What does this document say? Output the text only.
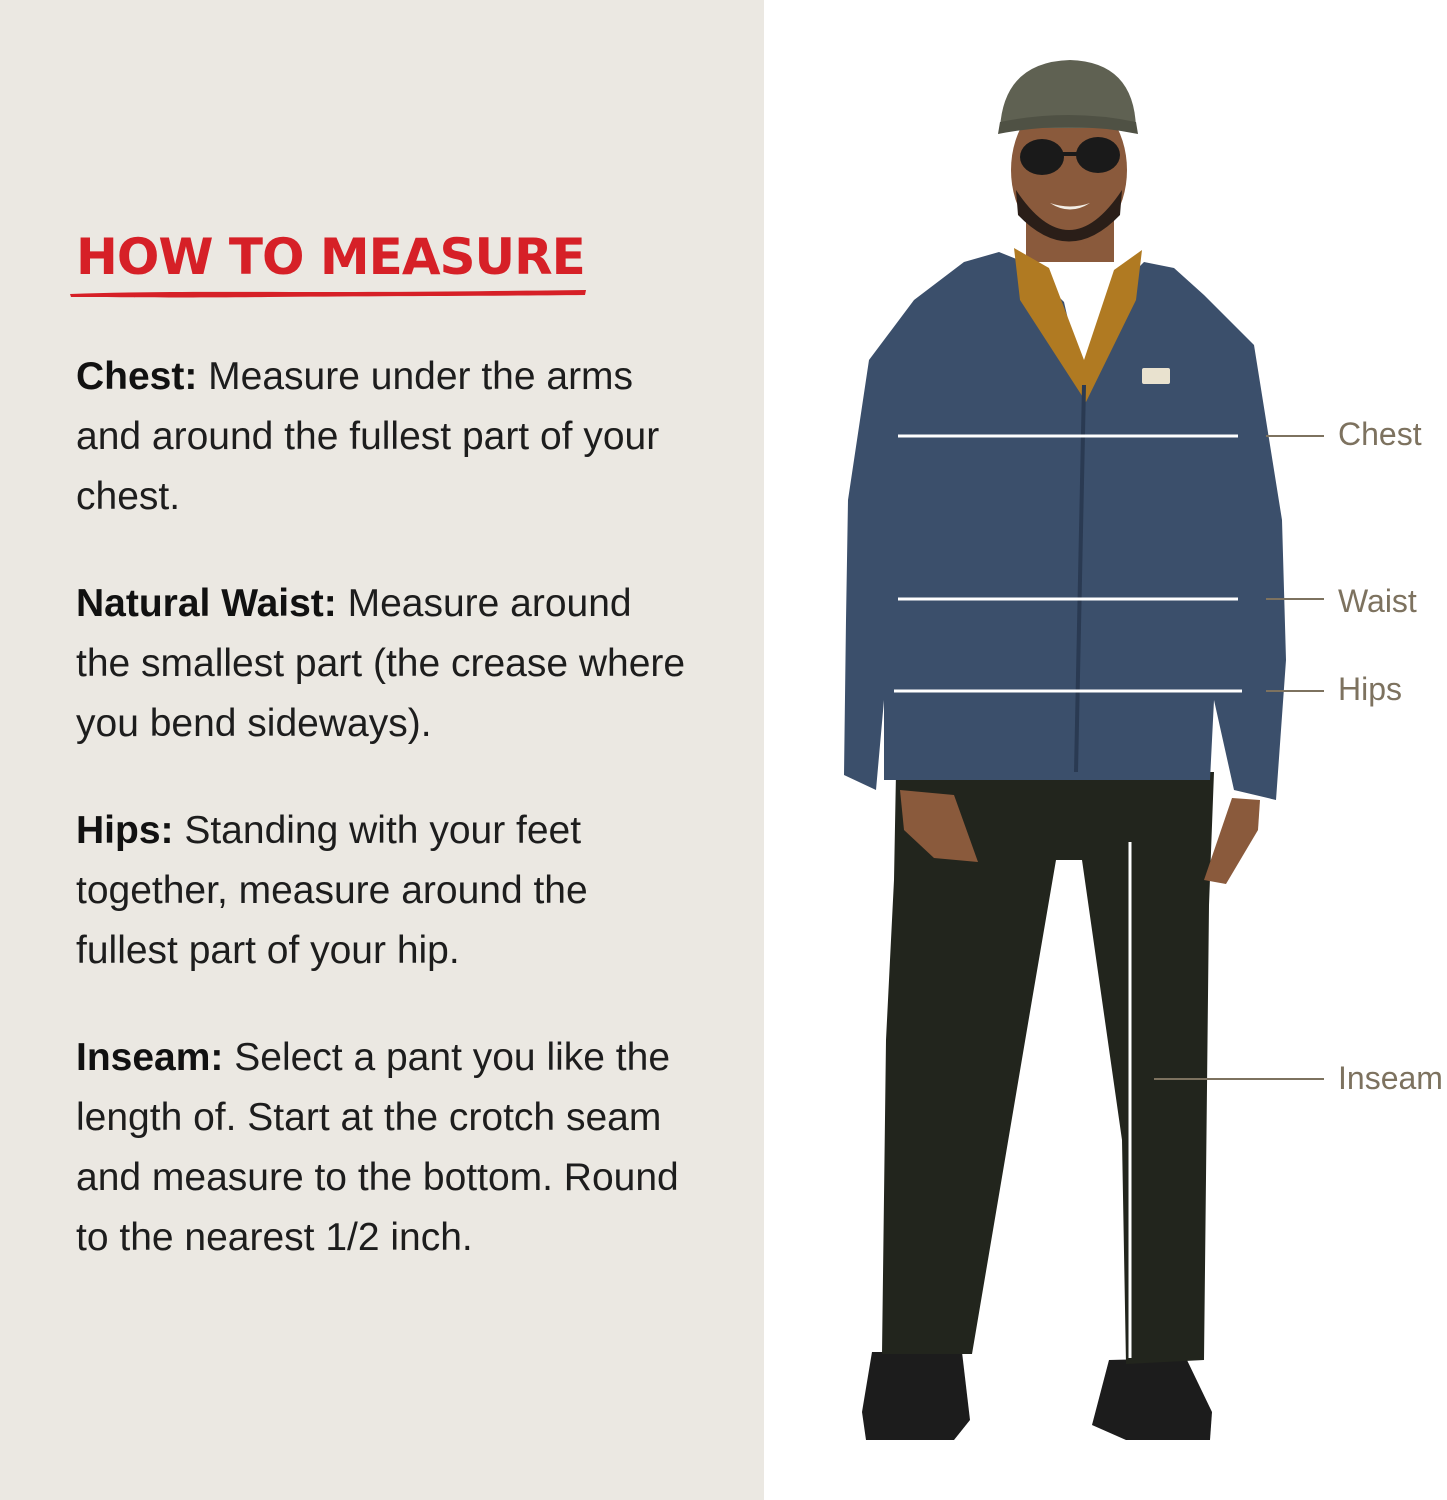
HOW TO MEASURE
Chest: Measure under the arms and around the fullest part of your chest.
Natural Waist: Measure around the smallest part (the crease where you bend sideways).
Hips: Standing with your feet together, measure around the fullest part of your hip.
Inseam: Select a pant you like the length of. Start at the crotch seam and measure to the bottom. Round to the nearest 1/2 inch.
Chest
Waist
Hips
Inseam
